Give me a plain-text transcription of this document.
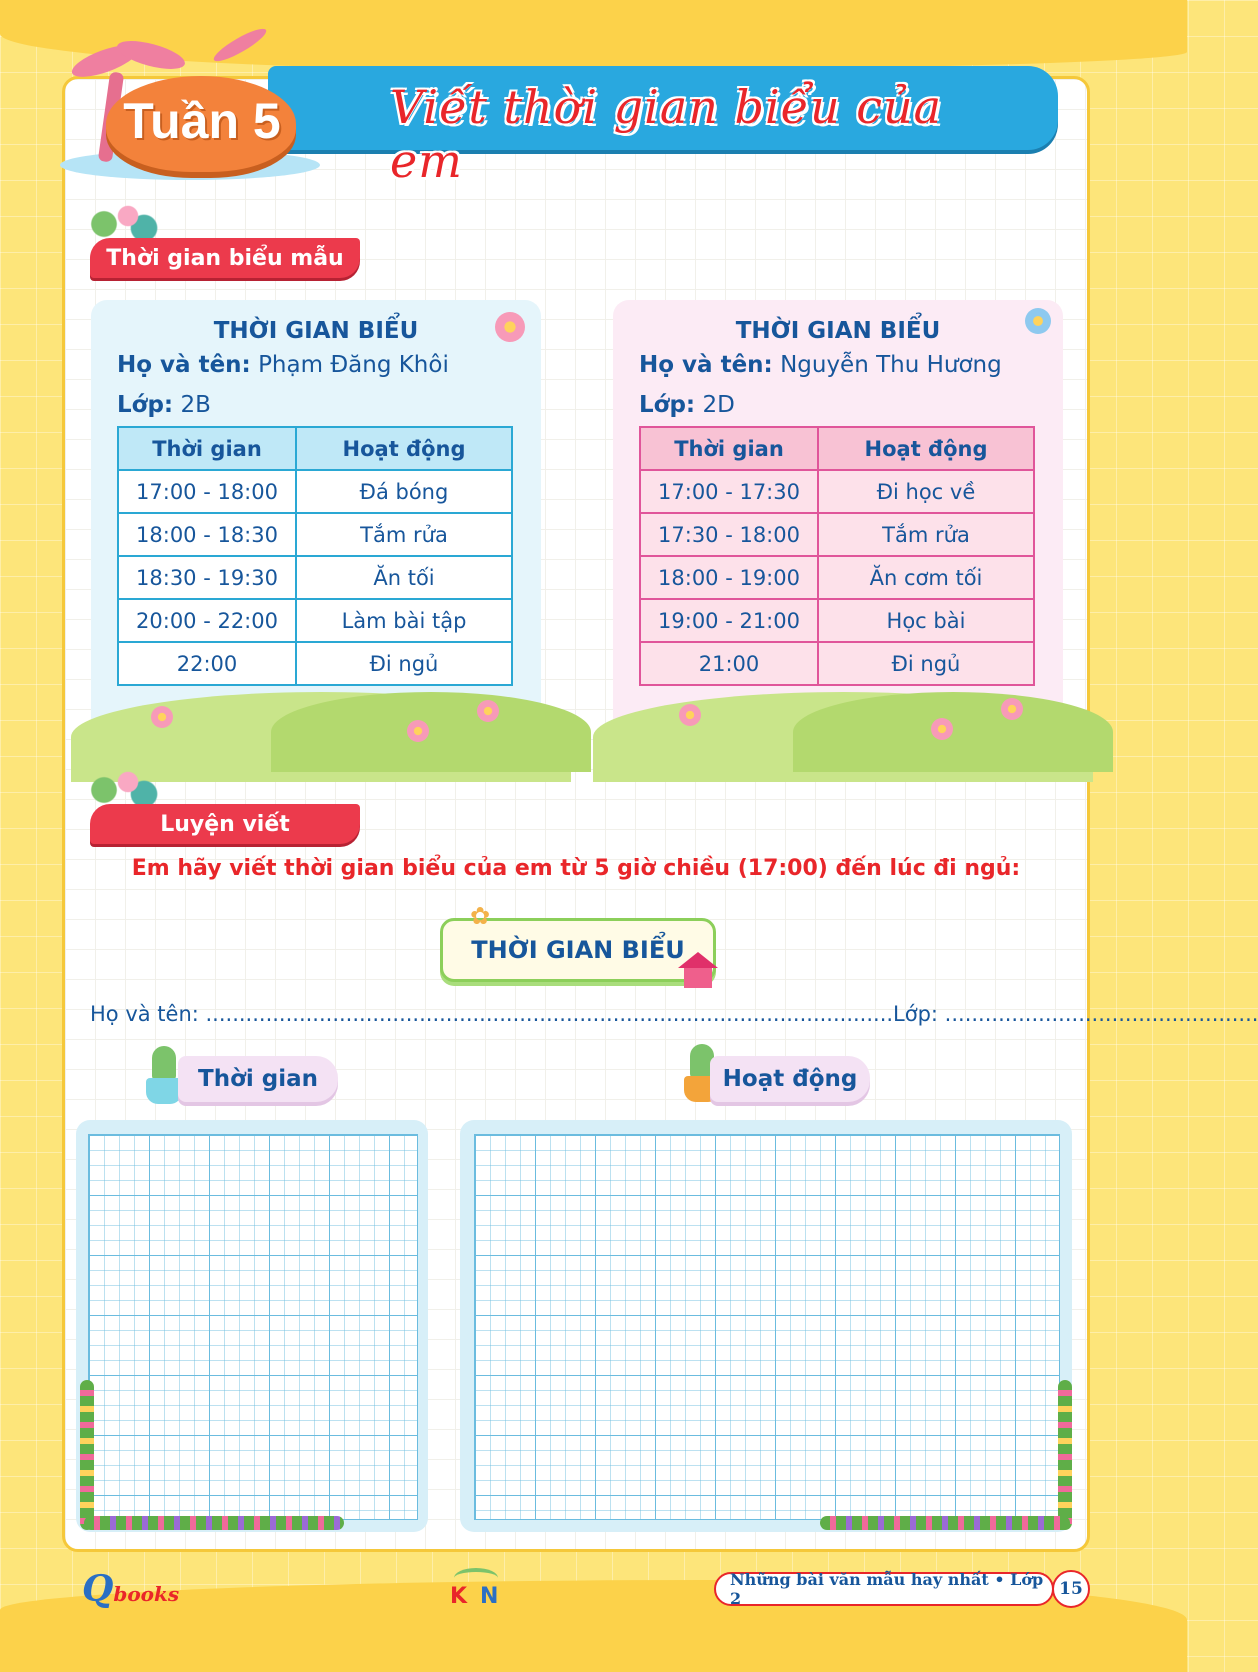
Viết thời gian biểu của em
Tuần 5
Thời gian biểu mẫu
THỜI GIAN BIỂU
Họ và tên: Phạm Đăng Khôi
Lớp: 2B
Thời gian	Hoạt động
17:00 - 18:00	Đá bóng
18:00 - 18:30	Tắm rửa
18:30 - 19:30	Ăn tối
20:00 - 22:00	Làm bài tập
22:00	Đi ngủ
THỜI GIAN BIỂU
Họ và tên: Nguyễn Thu Hương
Lớp: 2D
Thời gian	Hoạt động
17:00 - 17:30	Đi học về
17:30 - 18:00	Tắm rửa
18:00 - 19:00	Ăn cơm tối
19:00 - 21:00	Học bài
21:00	Đi ngủ
Luyện viết
Em hãy viết thời gian biểu của em từ 5 giờ chiều (17:00) đến lúc đi ngủ:
THỜI GIAN BIỂU
✿
Họ và tên: .......................................................................................................Lớp: ...............................................
Thời gian	Hoạt động
Qbooks	K N
Những bài văn mẫu hay nhất • Lớp 2	15
